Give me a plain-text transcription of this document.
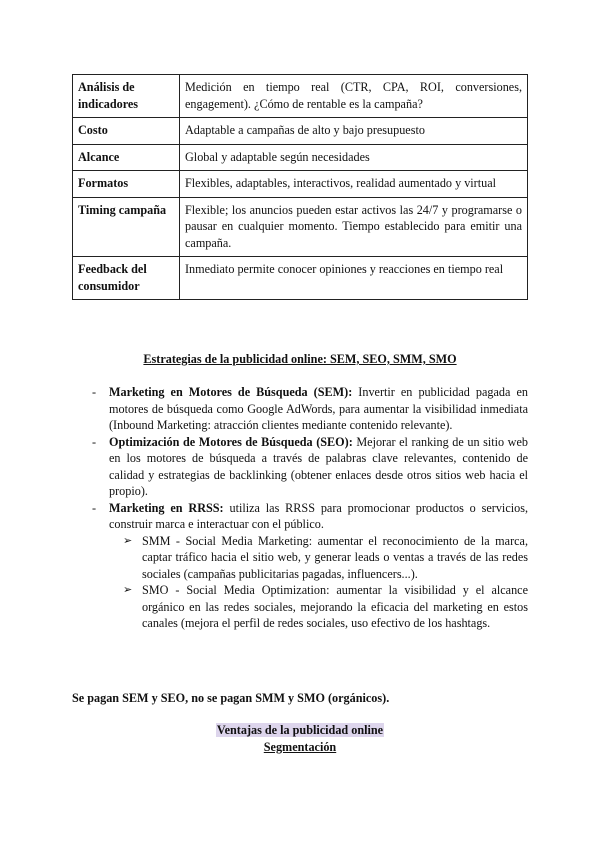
Análisis de indicadores	Medición en tiempo real (CTR, CPA, ROI, conversiones, engagement). ¿Cómo de rentable es la campaña?
Costo	Adaptable a campañas de alto y bajo presupuesto
Alcance	Global y adaptable según necesidades
Formatos	Flexibles, adaptables, interactivos, realidad aumentado y virtual
Timing campaña	Flexible; los anuncios pueden estar activos las 24/7 y programarse o pausar en cualquier momento. Tiempo establecido para emitir una campaña.
Feedback del consumidor	Inmediato permite conocer opiniones y reacciones en tiempo real
Estrategias de la publicidad online: SEM, SEO, SMM, SMO
- Marketing en Motores de Búsqueda (SEM): Invertir en publicidad pagada en motores de búsqueda como Google AdWords, para aumentar la visibilidad inmediata (Inbound Marketing: atracción clientes mediante contenido relevante).
- Optimización de Motores de Búsqueda (SEO): Mejorar el ranking de un sitio web en los motores de búsqueda a través de palabras clave relevantes, contenido de calidad y estrategias de backlinking (obtener enlaces desde otros sitios web hacia el propio).
- Marketing en RRSS: utiliza las RRSS para promocionar productos o servicios, construir marca e interactuar con el público.
➢ SMM - Social Media Marketing: aumentar el reconocimiento de la marca, captar tráfico hacia el sitio web, y generar leads o ventas a través de las redes sociales (campañas publicitarias pagadas, influencers...).
➢ SMO - Social Media Optimization: aumentar la visibilidad y el alcance orgánico en las redes sociales, mejorando la eficacia del marketing en estos canales (mejora el perfil de redes sociales, uso efectivo de los hashtags.
Se pagan SEM y SEO, no se pagan SMM y SMO (orgánicos).
Ventajas de la publicidad online
Segmentación
